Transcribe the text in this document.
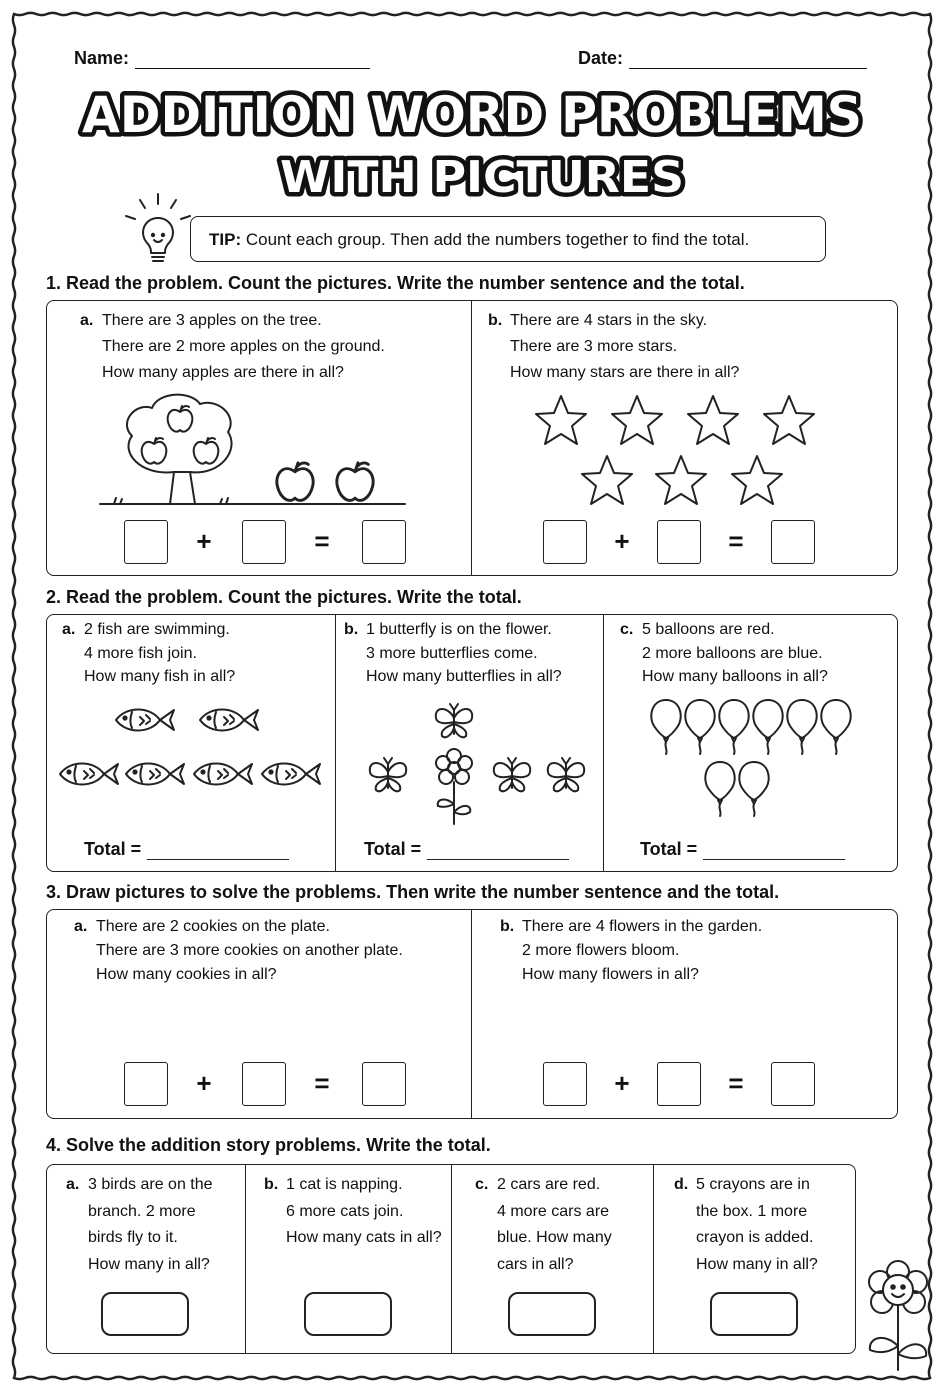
Name:	Date:
ADDITION WORD PROBLEMS
WITH PICTURES
TIP: Count each group. Then add the numbers together to find the total.
1. Read the problem. Count the pictures. Write the number sentence and the total.
a. There are 3 apples on the tree.
There are 2 more apples on the ground.
How many apples are there in all?
b. There are 4 stars in the sky.
There are 3 more stars.
How many stars are there in all?
+	=	+	=
2. Read the problem. Count the pictures. Write the total.
a. 2 fish are swimming.
4 more fish join.
How many fish in all?
b. 1 butterfly is on the flower.
3 more butterflies come.
How many butterflies in all?
c. 5 balloons are red.
2 more balloons are blue.
How many balloons in all?
Total =	Total =	Total =
3. Draw pictures to solve the problems. Then write the number sentence and the total.
a. There are 2 cookies on the plate.
There are 3 more cookies on another plate.
How many cookies in all?
b. There are 4 flowers in the garden.
2 more flowers bloom.
How many flowers in all?
+	=	+	=
4. Solve the addition story problems. Write the total.
a. 3 birds are on the
branch. 2 more
birds fly to it.
How many in all?
b. 1 cat is napping.
6 more cats join.
How many cats in all?
c. 2 cars are red.
4 more cars are
blue. How many
cars in all?
d. 5 crayons are in
the box. 1 more
crayon is added.
How many in all?
